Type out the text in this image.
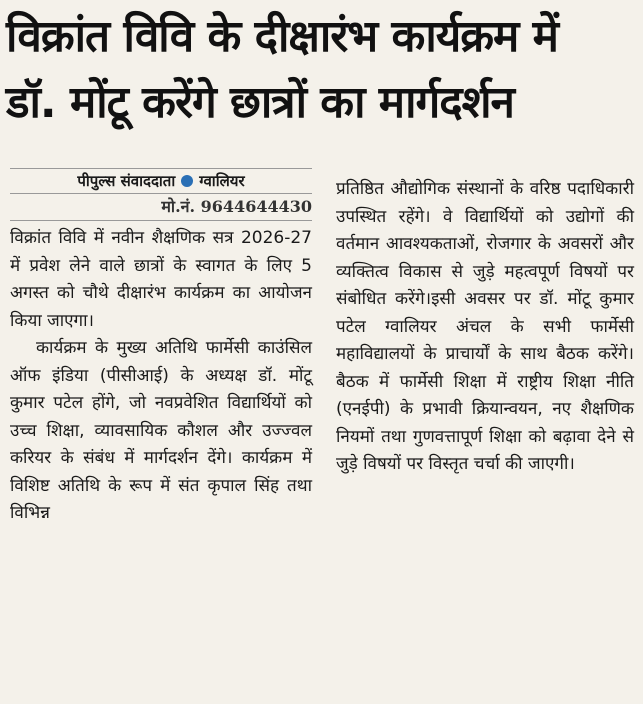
विक्रांत विवि के दीक्षारंभ कार्यक्रम में
डॉ. मोंटू करेंगे छात्रों का मार्गदर्शन
पीपुल्स संवाददाता ग्वालियर
मो.नं. 9644644430

विक्रांत विवि में नवीन शैक्षणिक सत्र 2026-27 में प्रवेश लेने वाले छात्रों के स्वागत के लिए 5 अगस्त को चौथे दीक्षारंभ कार्यक्रम का आयोजन किया जाएगा।

कार्यक्रम के मुख्य अतिथि फार्मेसी काउंसिल ऑफ इंडिया (पीसीआई) के अध्यक्ष डॉ. मोंटू कुमार पटेल होंगे, जो नवप्रवेशित विद्यार्थियों को उच्च शिक्षा, व्यावसायिक कौशल और उज्ज्वल करियर के संबंध में मार्गदर्शन देंगे। कार्यक्रम में विशिष्ट अतिथि के रूप में संत कृपाल सिंह तथा विभिन्न

प्रतिष्ठित औद्योगिक संस्थानों के वरिष्ठ पदाधिकारी उपस्थित रहेंगे। वे विद्यार्थियों को उद्योगों की वर्तमान आवश्यकताओं, रोजगार के अवसरों और व्यक्तित्व विकास से जुड़े महत्वपूर्ण विषयों पर संबोधित करेंगे।इसी अवसर पर डॉ. मोंटू कुमार पटेल ग्वालियर अंचल के सभी फार्मेसी महाविद्यालयों के प्राचार्यों के साथ बैठक करेंगे। बैठक में फार्मेसी शिक्षा में राष्ट्रीय शिक्षा नीति (एनईपी) के प्रभावी क्रियान्वयन, नए शैक्षणिक नियमों तथा गुणवत्तापूर्ण शिक्षा को बढ़ावा देने से जुड़े विषयों पर विस्तृत चर्चा की जाएगी।
